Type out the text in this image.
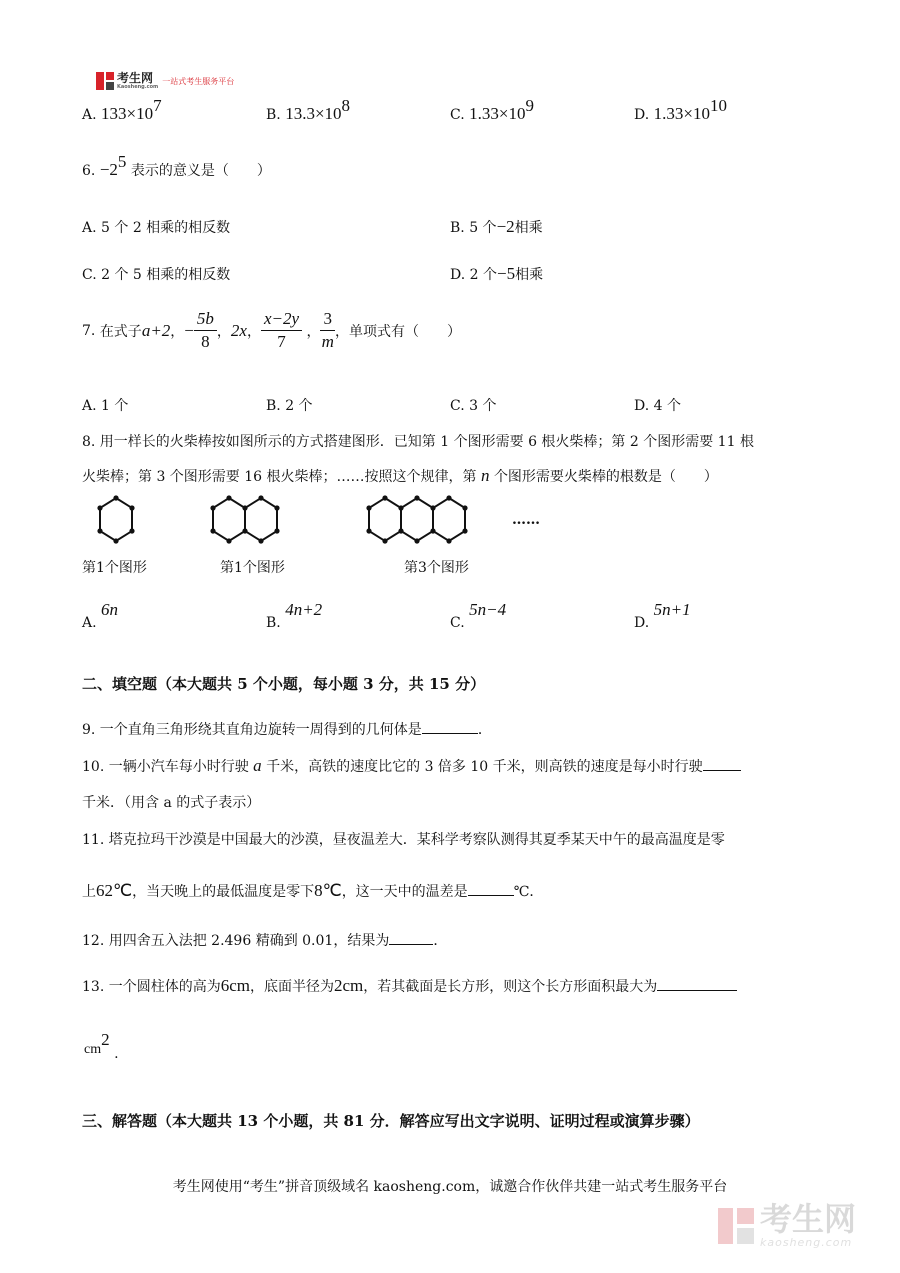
考生网
Kaosheng.com
一站式考生服务平台
A. $133\times 10^7$	B. $13.3\times 10^8$	C. $1.33\times 10^9$	D. $1.33\times 10^{10}$
6. $-2^5$ 表示的意义是（　　）
A. 5 个 2 相乘的相反数	B. 5 个−2相乘
C. 2 个 5 相乘的相反数	D. 2 个−5相乘
7.
在式子 a+2 ， − $\frac{5b}{8}$ ， 2x ， $\frac{x-2y}{7}$
， $\frac{3}{m}$ ，单项式有（　　）
A. 1 个	B. 2 个	C. 3 个	D. 4 个
8. 用一样长的火柴棒按如图所示的方式搭建图形．已知第 1 个图形需要 6 根火柴棒；第 2 个图形需要 11 根
火柴棒；第 3 个图形需要 16 根火柴棒；……按照这个规律，第 n 个图形需要火柴棒的根数是（　　）
……
第1个图形	第1个图形	第3个图形
A. 6n
B. 4n+2
C. 5n−4
D. 5n+1
二、填空题（本大题共 5 个小题，每小题 3 分，共 15 分）
9. 一个直角三角形绕其直角边旋转一周得到的几何体是	．
10. 一辆小汽车每小时行驶 a 千米，高铁的速度比它的 3 倍多 10 千米，则高铁的速度是每小时行驶
千米．（用含 a 的式子表示）
11. 塔克拉玛干沙漠是中国最大的沙漠，昼夜温差大．某科学考察队测得其夏季某天中午的最高温度是零
上62℃，当天晚上的最低温度是零下8℃，这一天中的温差是	℃．
12. 用四舍五入法把 2.496 精确到 0.01，结果为	．
13. 一个圆柱体的高为6cm，底面半径为2cm，若其截面是长方形，则这个长方形面积最大为
$cm^2$ .
三、解答题（本大题共 13 个小题，共 81 分．解答应写出文字说明、证明过程或演算步骤）
考生网使用“考生”拼音顶级域名 kaosheng.com，诚邀合作伙伴共建一站式考生服务平台
考生网
kaosheng.com
